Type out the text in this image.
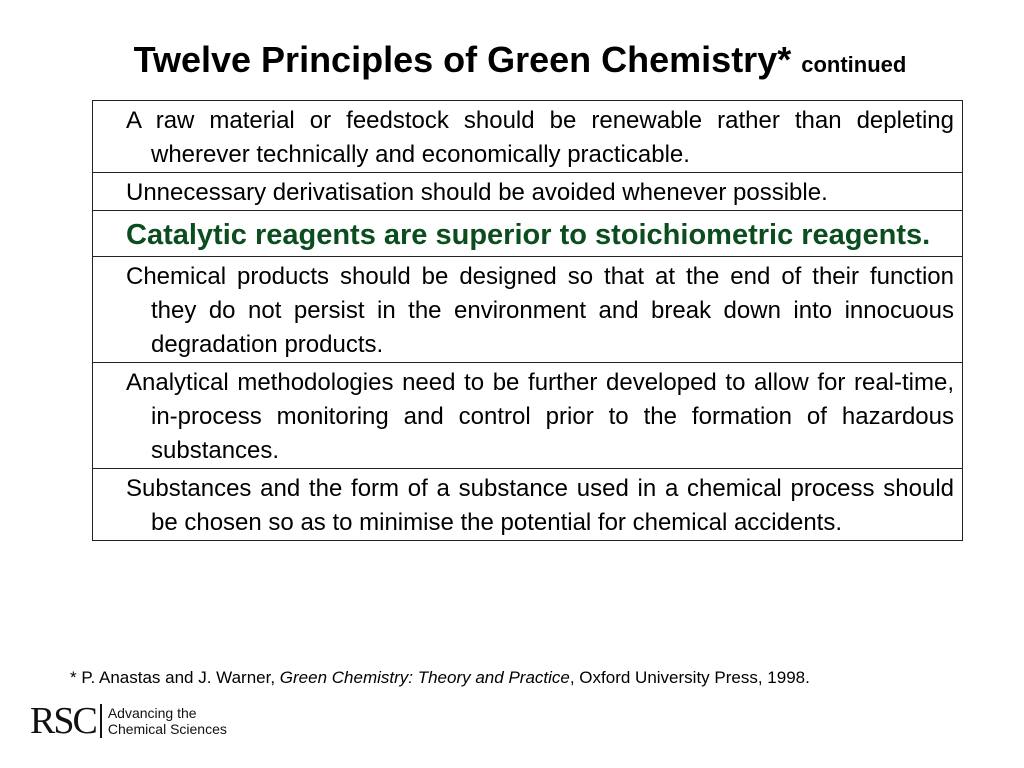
Twelve Principles of Green Chemistry* continued

A raw material or feedstock should be renewable rather than depleting wherever technically and economically practicable.

Unnecessary derivatisation should be avoided whenever possible.

Catalytic reagents are superior to stoichiometric reagents.

Chemical products should be designed so that at the end of their function they do not persist in the environment and break down into innocuous degradation products.

Analytical methodologies need to be further developed to allow for real-time, in-process monitoring and control prior to the formation of hazardous substances.

Substances and the form of a substance used in a chemical process should be chosen so as to minimise the potential for chemical accidents.

* P. Anastas and J. Warner, Green Chemistry: Theory and Practice, Oxford University Press, 1998.
RSC Advancing the
Chemical Sciences
